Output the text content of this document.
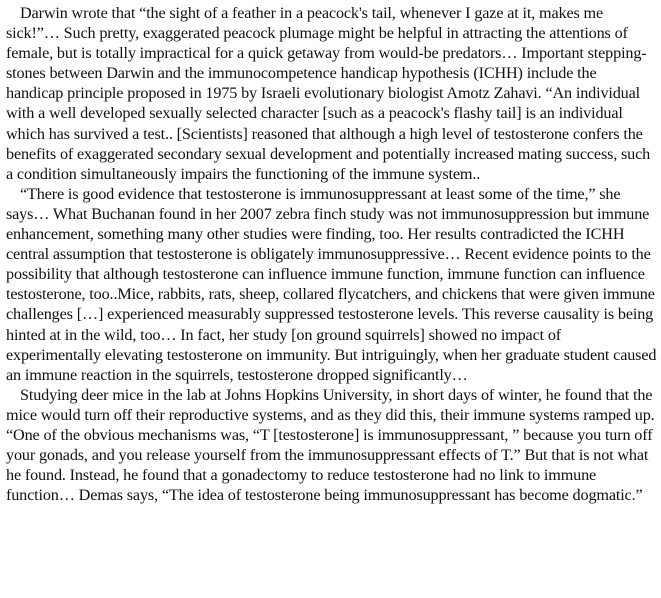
Darwin wrote that “the sight of a feather in a peacock's tail, whenever I gaze at it, makes me sick!”… Such pretty, exaggerated peacock plumage might be helpful in attracting the attentions of female, but is totally impractical for a quick getaway from would-be predators… Important stepping-stones between Darwin and the immunocompetence handicap hypothesis (ICHH) include the handicap principle proposed in 1975 by Israeli evolutionary biologist Amotz Zahavi. “An individual with a well developed sexually selected character [such as a peacock's flashy tail] is an individual which has survived a test.. [Scientists] reasoned that although a high level of testosterone confers the benefits of exaggerated secondary sexual development and potentially increased mating success, such a condition simultaneously impairs the functioning of the immune system..

“There is good evidence that testosterone is immunosuppressant at least some of the time,” she says… What Buchanan found in her 2007 zebra finch study was not immunosuppression but immune enhancement, something many other studies were finding, too. Her results contradicted the ICHH central assumption that testosterone is obligately immunosuppressive… Recent evidence points to the possibility that although testosterone can influence immune function, immune function can influence testosterone, too..Mice, rabbits, rats, sheep, collared flycatchers, and chickens that were given immune challenges […] experienced measurably suppressed testosterone levels. This reverse causality is being hinted at in the wild, too… In fact, her study [on ground squirrels] showed no impact of experimentally elevating testosterone on immunity. But intriguingly, when her graduate student caused an immune reaction in the squirrels, testosterone dropped significantly…

Studying deer mice in the lab at Johns Hopkins University, in short days of winter, he found that the mice would turn off their reproductive systems, and as they did this, their immune systems ramped up. “One of the obvious mechanisms was, “T [testosterone] is immunosuppressant, ” because you turn off your gonads, and you release yourself from the immunosuppressant effects of T.” But that is not what he found. Instead, he found that a gonadectomy to reduce testosterone had no link to immune function… Demas says, “The idea of testosterone being immunosuppressant has become dogmatic.”
